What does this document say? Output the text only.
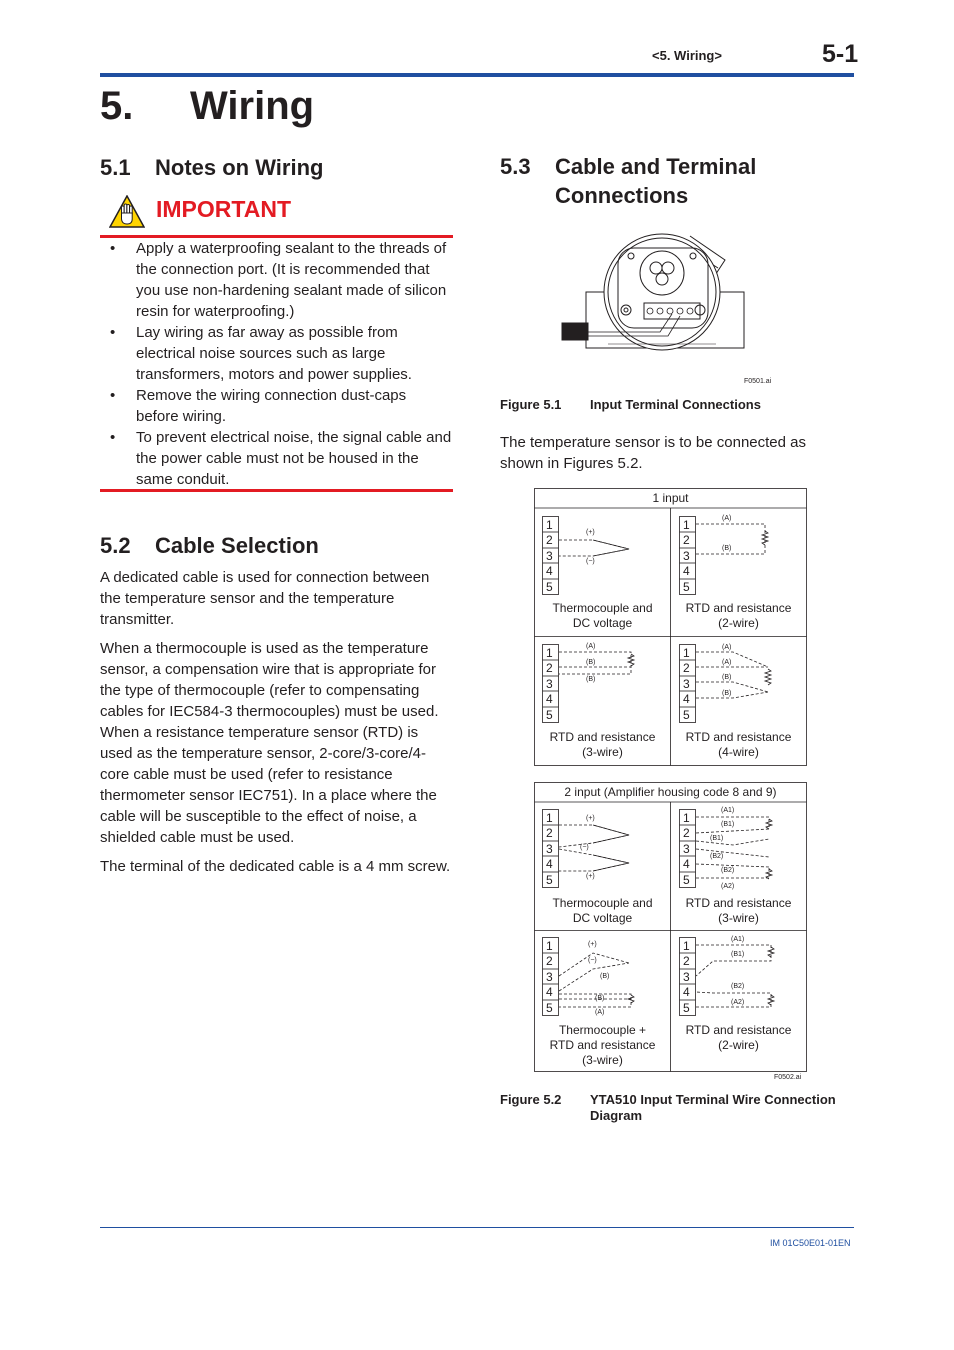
<5. Wiring>	5-1
5. Wiring
5.1 Notes on Wiring
IMPORTANT
• Apply a waterproofing sealant to the threads of the connection port. (It is recommended that you use non-hardening sealant made of silicon resin for waterproofing.)
• Lay wiring as far away as possible from electrical noise sources such as large transformers, motors and power supplies.
• Remove the wiring connection dust-caps before wiring.
• To prevent electrical noise, the signal cable and the power cable must not be housed in the same conduit.
5.2 Cable Selection
A dedicated cable is used for connection between the temperature sensor and the temperature transmitter.
When a thermocouple is used as the temperature sensor, a compensation wire that is appropriate for the type of thermocouple (refer to compensating cables for IEC584-3 thermocouples) must be used. When a resistance temperature sensor (RTD) is used as the temperature sensor, 2-core/3-core/4-core cable must be used (refer to resistance thermometer sensor IEC751). In a place where the cable will be susceptible to the effect of noise, a shielded cable must be used.
The terminal of the dedicated cable is a 4 mm screw.
5.3 Cable and Terminal
Connections
F0501.ai
Figure 5.1 Input Terminal Connections
The temperature sensor is to be connected as shown in Figures 5.2.
1 input
1
2
3
4
5
(+)
(−)
Thermocouple and
DC voltage
1
2
3
4
5
(A)
(B)
RTD and resistance
(2-wire)
1
2
3
4
5
(A)
(B)
(B)
RTD and resistance
(3-wire)
1
2
3
4
5
(A)
(A)
(B)
(B)
RTD and resistance
(4-wire)
2 input (Amplifier housing code 8 and 9)
1
2
3
4
5
(+)
(−)
(+)
Thermocouple and
DC voltage
1
2
3
4
5
(A1)
(B1)
(B1)
(B2)
(B2)
(A2)
RTD and resistance
(3-wire)
1
2
3
4
5
(+)
(−)
(B)
(B)
(A)
Thermocouple +
RTD and resistance
(3-wire)
1
2
3
4
5
(A1)
(B1)
(B2)
(A2)
RTD and resistance
(2-wire)
F0502.ai
Figure 5.2 YTA510 Input Terminal Wire Connection
Diagram
IM 01C50E01-01EN
